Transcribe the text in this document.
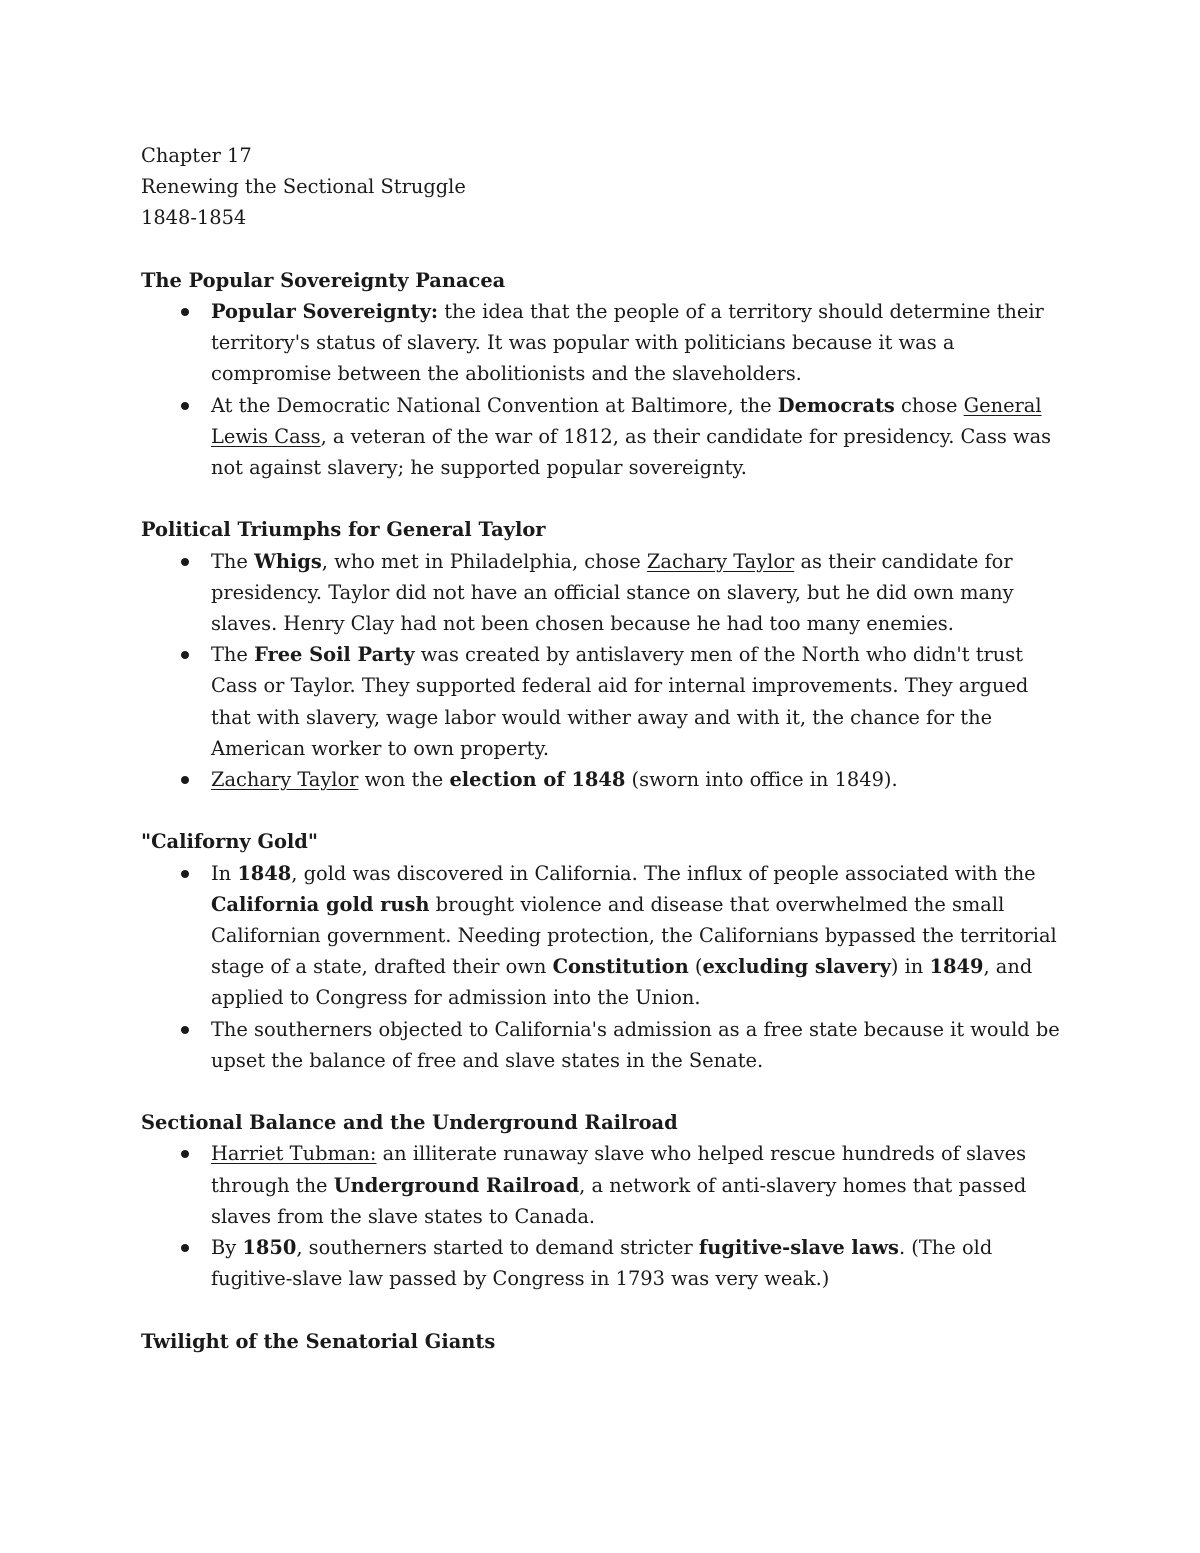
Chapter 17
Renewing the Sectional Struggle
1848-1854
The Popular Sovereignty Panacea
Popular Sovereignty: the idea that the people of a territory should determine their territory's status of slavery. It was popular with politicians because it was a compromise between the abolitionists and the slaveholders.
At the Democratic National Convention at Baltimore, the Democrats chose General Lewis Cass, a veteran of the war of 1812, as their candidate for presidency. Cass was not against slavery; he supported popular sovereignty.
Political Triumphs for General Taylor
The Whigs, who met in Philadelphia, chose Zachary Taylor as their candidate for presidency. Taylor did not have an official stance on slavery, but he did own many slaves. Henry Clay had not been chosen because he had too many enemies.
The Free Soil Party was created by antislavery men of the North who didn't trust Cass or Taylor. They supported federal aid for internal improvements. They argued that with slavery, wage labor would wither away and with it, the chance for the American worker to own property.
Zachary Taylor won the election of 1848 (sworn into office in 1849).
"Californy Gold"
In 1848, gold was discovered in California. The influx of people associated with the California gold rush brought violence and disease that overwhelmed the small Californian government. Needing protection, the Californians bypassed the territorial stage of a state, drafted their own Constitution (excluding slavery) in 1849, and applied to Congress for admission into the Union.
The southerners objected to California's admission as a free state because it would be upset the balance of free and slave states in the Senate.
Sectional Balance and the Underground Railroad
Harriet Tubman: an illiterate runaway slave who helped rescue hundreds of slaves through the Underground Railroad, a network of anti-slavery homes that passed slaves from the slave states to Canada.
By 1850, southerners started to demand stricter fugitive-slave laws. (The old fugitive-slave law passed by Congress in 1793 was very weak.)
Twilight of the Senatorial Giants
